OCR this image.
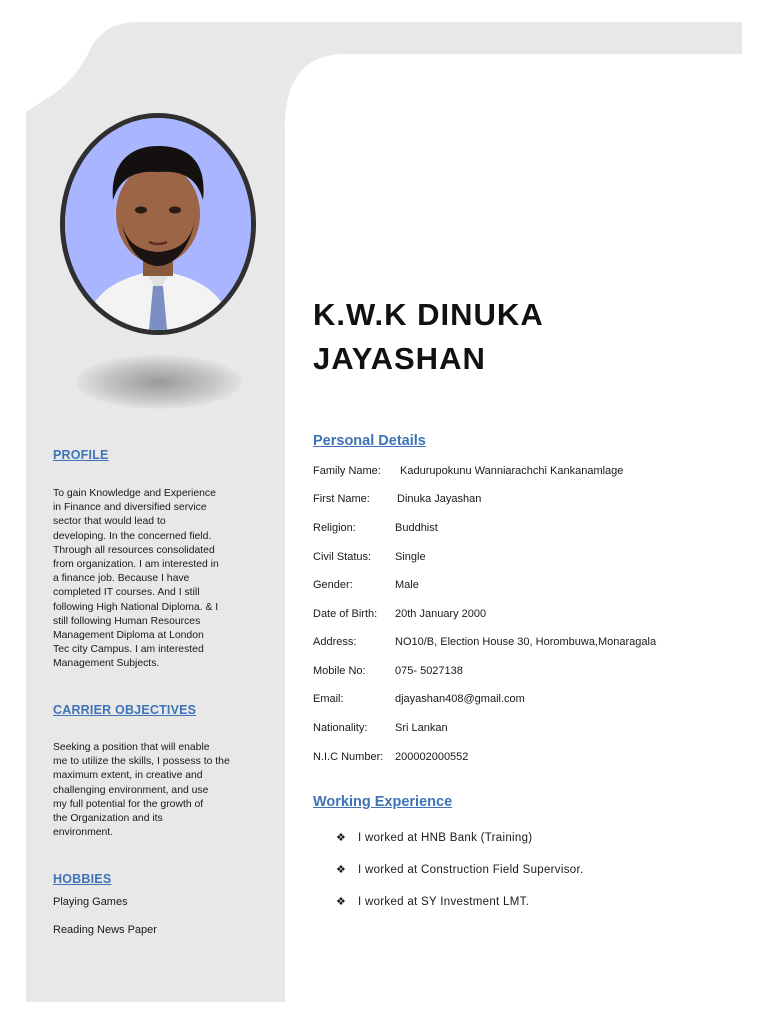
PROFILE
To gain Knowledge and Experience
in Finance and diversified service
sector that would lead to
developing. In the concerned field.
Through all resources consolidated
from organization. I am interested in
a finance job. Because I have
completed IT courses. And I still
following High National Diploma. & I
still following Human Resources
Management Diploma at London
Tec city Campus. I am interested
Management Subjects.
CARRIER OBJECTIVES
Seeking a position that will enable
me to utilize the skills, I possess to the
maximum extent, in creative and
challenging environment, and use
my full potential for the growth of
the Organization and its
environment.
HOBBIES
Playing Games
Reading News Paper
K.W.K DINUKA
JAYASHAN
Personal Details
Family Name: Kadurupokunu Wanniarachchi Kankanamlage
First Name: Dinuka Jayashan
Religion:	Buddhist
Civil Status: Single
Gender:	Male
Date of Birth: 20th January 2000
Address:	NO10/B, Election House 30, Horombuwa,Monaragala
Mobile No:	075- 5027138
Email:	djayashan408@gmail.com
Nationality:	Sri Lankan
N.I.C Number: 200002000552
Working Experience
❖ I worked at HNB Bank (Training)
❖ I worked at Construction Field Supervisor.
❖ I worked at SY Investment LMT.
